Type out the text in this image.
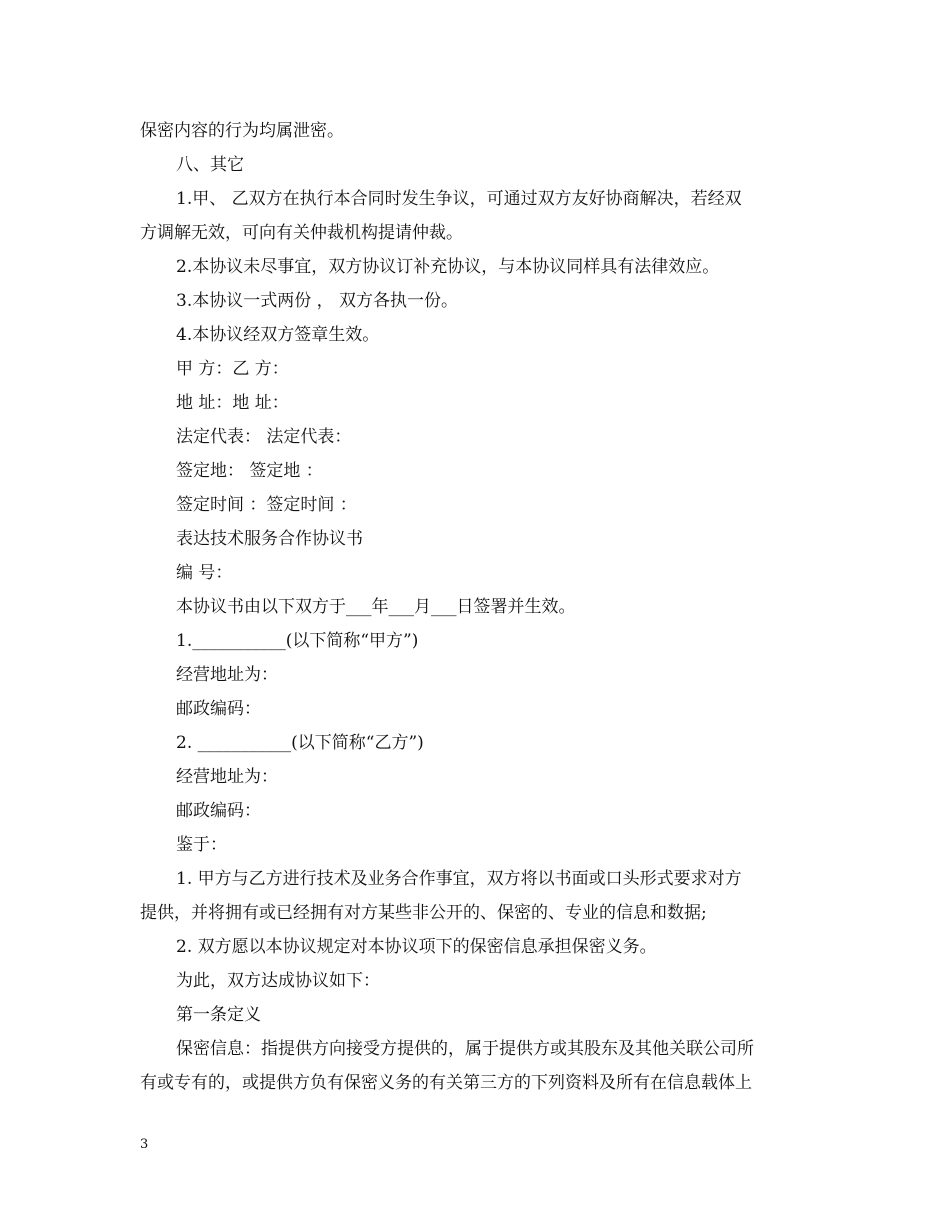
保密内容的行为均属泄密。
八、其它
1.甲、 乙双方在执行本合同时发生争议，可通过双方友好协商解决，若经双
方调解无效，可向有关仲裁机构提请仲裁。
2.本协议未尽事宜，双方协议订补充协议，与本协议同样具有法律效应。
3.本协议一式两份 ， 双方各执一份。
4.本协议经双方签章生效。
甲 方：乙 方：
地 址：地 址：
法定代表： 法定代表：
签定地： 签定地 ：
签定时间 ：签定时间 ：
表达技术服务合作协议书
编 号：
本协议书由以下双方于___年___月___日签署并生效。
1.___________(以下简称“甲方”)
经营地址为：
邮政编码：
2. ___________(以下简称“乙方”)
经营地址为：
邮政编码：
鉴于：
1. 甲方与乙方进行技术及业务合作事宜，双方将以书面或口头形式要求对方
提供，并将拥有或已经拥有对方某些非公开的、保密的、专业的信息和数据;
2. 双方愿以本协议规定对本协议项下的保密信息承担保密义务。
为此，双方达成协议如下：
第一条定义
保密信息：指提供方向接受方提供的，属于提供方或其股东及其他关联公司所
有或专有的，或提供方负有保密义务的有关第三方的下列资料及所有在信息载体上
3
